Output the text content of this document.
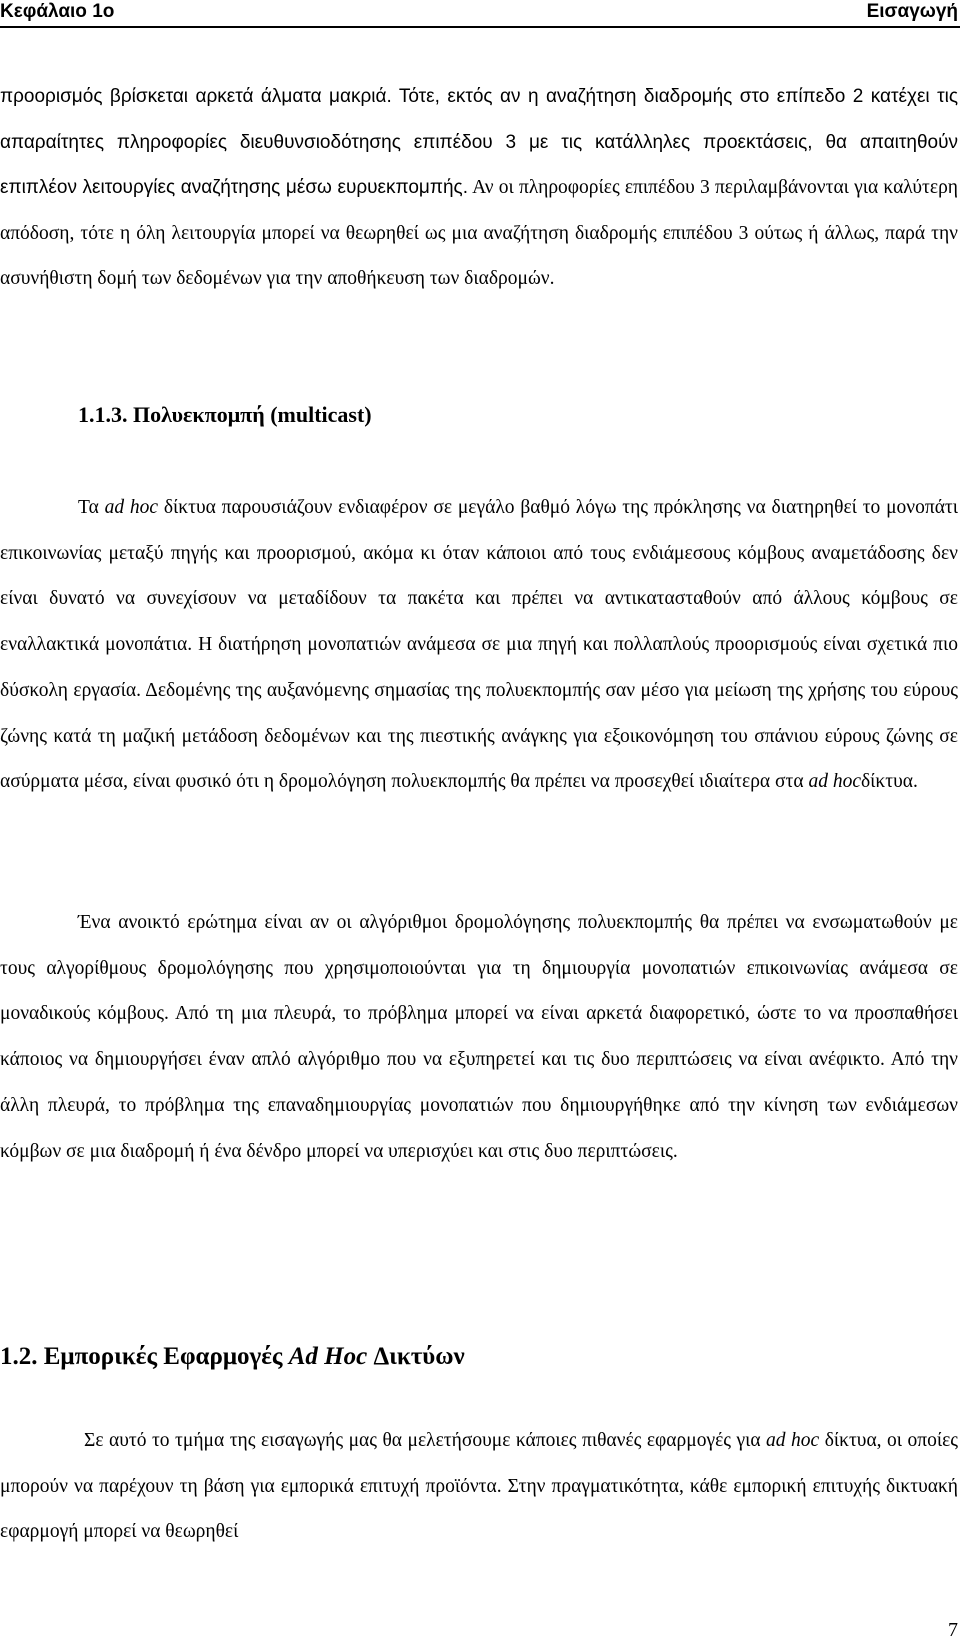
Κεφάλαιο 1ο	Εισαγωγή

προορισμός βρίσκεται αρκετά άλματα μακριά. Τότε, εκτός αν η αναζήτηση διαδρομής στο επίπεδο 2 κατέχει τις απαραίτητες πληροφορίες διευθυνσιοδότησης επιπέδου 3 με τις κατάλληλες προεκτάσεις, θα απαιτηθούν επιπλέον λειτουργίες αναζήτησης μέσω ευρυεκπομπής. Αν οι πληροφορίες επιπέδου 3 περιλαμβάνονται για καλύτερη απόδοση, τότε η όλη λειτουργία μπορεί να θεωρηθεί ως μια αναζήτηση διαδρομής επιπέδου 3 ούτως ή άλλως, παρά την ασυνήθιστη δομή των δεδομένων για την αποθήκευση των διαδρομών.

1.1.3. Πολυεκπομπή (multicast)

Τα ad hoc δίκτυα παρουσιάζουν ενδιαφέρον σε μεγάλο βαθμό λόγω της πρόκλησης να διατηρηθεί το μονοπάτι επικοινωνίας μεταξύ πηγής και προορισμού, ακόμα κι όταν κάποιοι από τους ενδιάμεσους κόμβους αναμετάδοσης δεν είναι δυνατό να συνεχίσουν να μεταδίδουν τα πακέτα και πρέπει να αντικατασταθούν από άλλους κόμβους σε εναλλακτικά μονοπάτια. Η διατήρηση μονοπατιών ανάμεσα σε μια πηγή και πολλαπλούς προορισμούς είναι σχετικά πιο δύσκολη εργασία. Δεδομένης της αυξανόμενης σημασίας της πολυεκπομπής σαν μέσο για μείωση της χρήσης του εύρους ζώνης κατά τη μαζική μετάδοση δεδομένων και της πιεστικής ανάγκης για εξοικονόμηση του σπάνιου εύρους ζώνης σε ασύρματα μέσα, είναι φυσικό ότι η δρομολόγηση πολυεκπομπής θα πρέπει να προσεχθεί ιδιαίτερα στα ad hocδίκτυα.

Ένα ανοικτό ερώτημα είναι αν οι αλγόριθμοι δρομολόγησης πολυεκπομπής θα πρέπει να ενσωματωθούν με τους αλγορίθμους δρομολόγησης που χρησιμοποιούνται για τη δημιουργία μονοπατιών επικοινωνίας ανάμεσα σε μοναδικούς κόμβους. Από τη μια πλευρά, το πρόβλημα μπορεί να είναι αρκετά διαφορετικό, ώστε το να προσπαθήσει κάποιος να δημιουργήσει έναν απλό αλγόριθμο που να εξυπηρετεί και τις δυο περιπτώσεις να είναι ανέφικτο. Από την άλλη πλευρά, το πρόβλημα της επαναδημιουργίας μονοπατιών που δημιουργήθηκε από την κίνηση των ενδιάμεσων κόμβων σε μια διαδρομή ή ένα δένδρο μπορεί να υπερισχύει και στις δυο περιπτώσεις.

1.2. Εμπορικές Εφαρμογές Ad Hoc Δικτύων

Σε αυτό το τμήμα της εισαγωγής μας θα μελετήσουμε κάποιες πιθανές εφαρμογές για ad hoc δίκτυα, οι οποίες μπορούν να παρέχουν τη βάση για εμπορικά επιτυχή προϊόντα. Στην πραγματικότητα, κάθε εμπορική επιτυχής δικτυακή εφαρμογή μπορεί να θεωρηθεί

7
